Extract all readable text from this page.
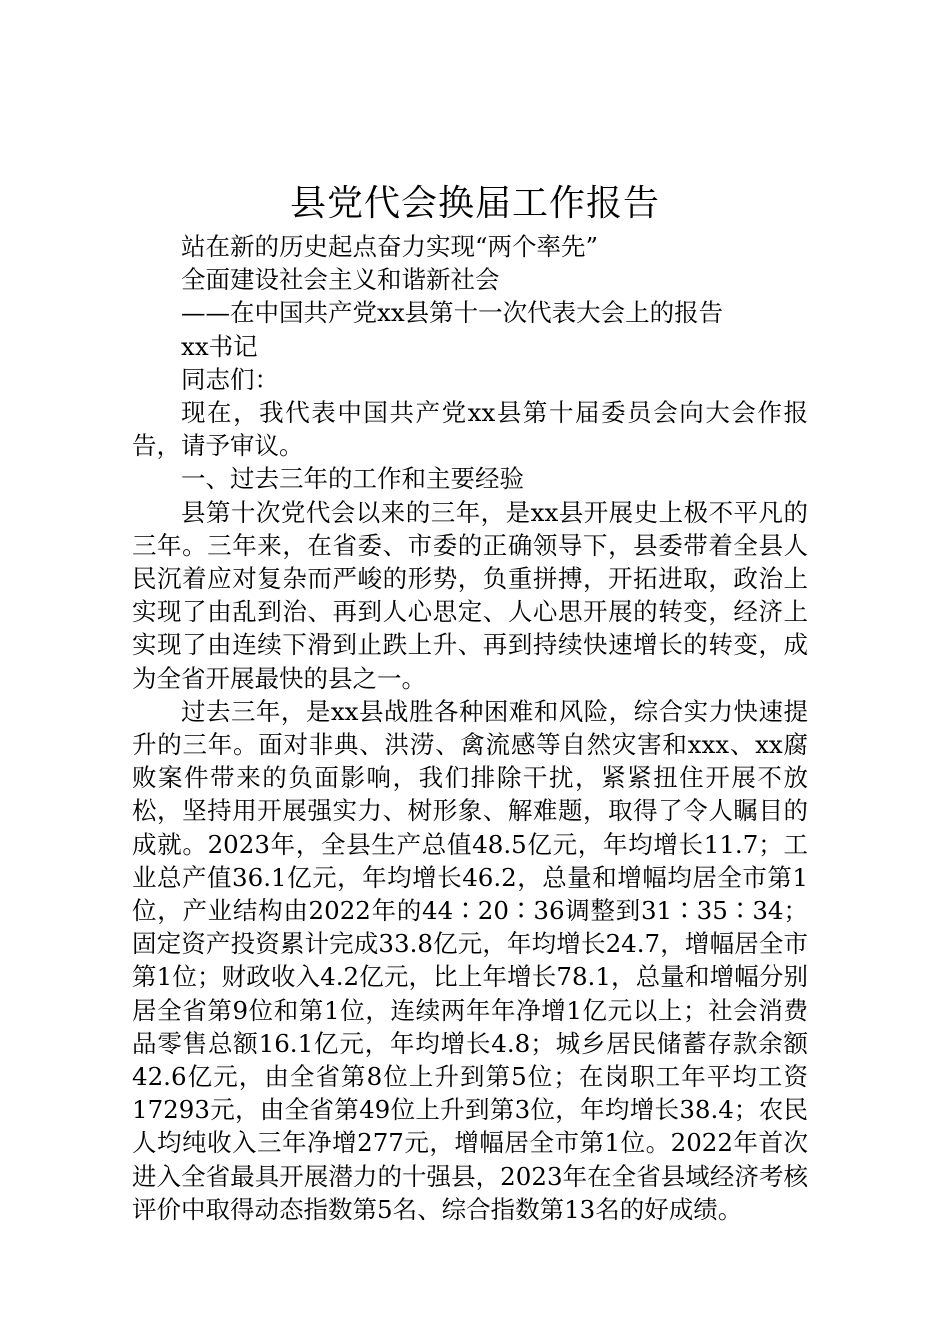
县党代会换届工作报告

站在新的历史起点奋力实现“两个率先”

全面建设社会主义和谐新社会

——在中国共产党xx县第十一次代表大会上的报告

xx书记

同志们：

现在，我代表中国共产党xx县第十届委员会向大会作报告，请予审议。

一、过去三年的工作和主要经验

县第十次党代会以来的三年，是xx县开展史上极不平凡的三年。三年来，在省委、市委的正确领导下，县委带着全县人民沉着应对复杂而严峻的形势，负重拼搏，开拓进取，政治上实现了由乱到治、再到人心思定、人心思开展的转变，经济上实现了由连续下滑到止跌上升、再到持续快速增长的转变，成为全省开展最快的县之一。

过去三年，是xx县战胜各种困难和风险，综合实力快速提升的三年。面对非典、洪涝、禽流感等自然灾害和xxx、xx腐败案件带来的负面影响，我们排除干扰，紧紧扭住开展不放松，坚持用开展强实力、树形象、解难题，取得了令人瞩目的成就。2023年，全县生产总值48.5亿元，年均增长11.7；工业总产值36.1亿元，年均增长46.2，总量和增幅均居全市第1位，产业结构由2022年的44∶20∶36调整到31∶35∶34；固定资产投资累计完成33.8亿元，年均增长24.7，增幅居全市第1位；财政收入4.2亿元，比上年增长78.1，总量和增幅分别居全省第9位和第1位，连续两年年净增1亿元以上；社会消费品零售总额16.1亿元，年均增长4.8；城乡居民储蓄存款余额42.6亿元，由全省第8位上升到第5位；在岗职工年平均工资17293元，由全省第49位上升到第3位，年均增长38.4；农民人均纯收入三年净增277元，增幅居全市第1位。2022年首次进入全省最具开展潜力的十强县，2023年在全省县域经济考核评价中取得动态指数第5名、综合指数第13名的好成绩。
